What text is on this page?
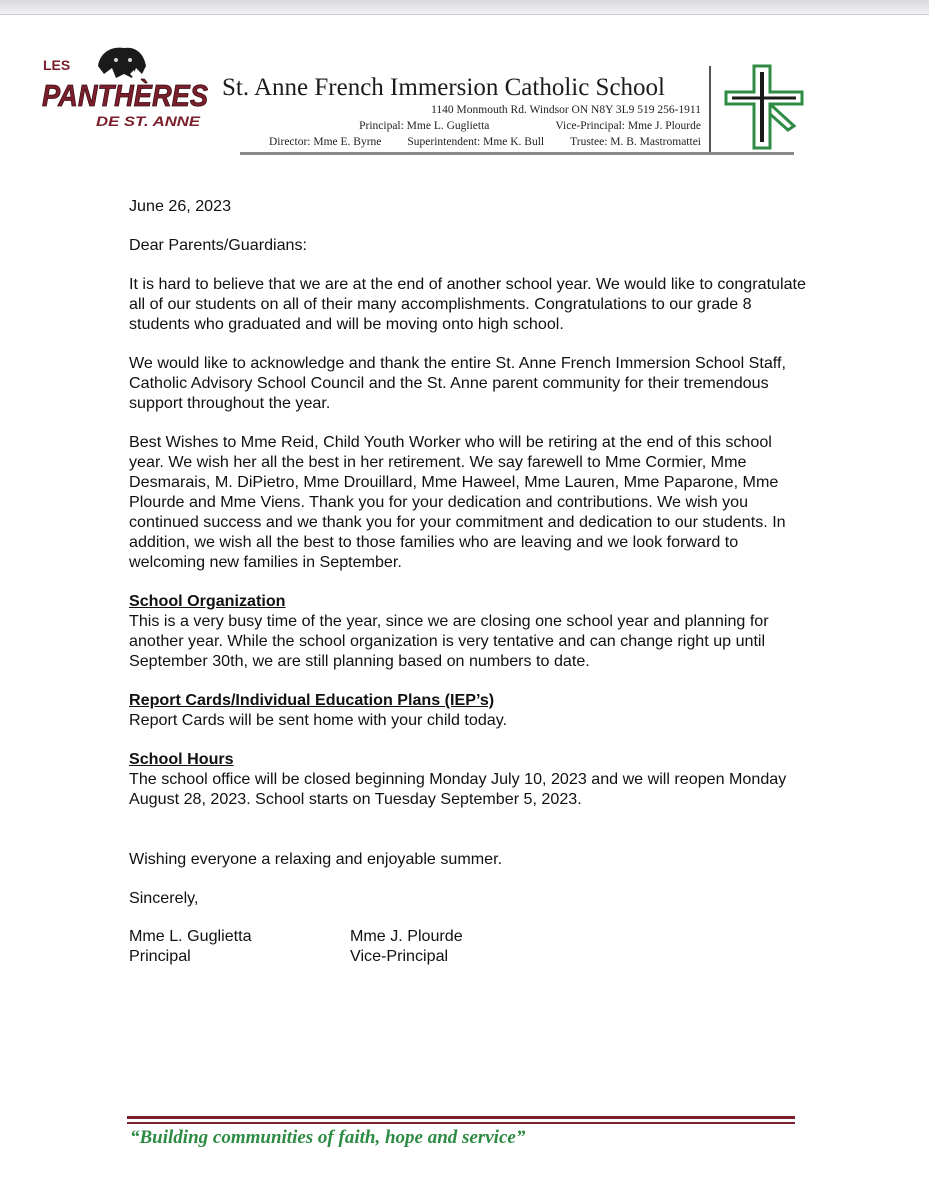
LES
PANTHÈRES
DE ST. ANNE
St. Anne French Immersion Catholic School
1140 Monmouth Rd. Windsor ON N8Y 3L9 519 256-1911
Principal: Mme L. Guglietta	Vice-Principal: Mme J. Plourde
Director: Mme E. Byrne Superintendent: Mme K. Bull Trustee: M. B. Mastromattei

June 26, 2023

Dear Parents/Guardians:

It is hard to believe that we are at the end of another school year. We would like to congratulate all of our students on all of their many accomplishments. Congratulations to our grade 8 students who graduated and will be moving onto high school.

We would like to acknowledge and thank the entire St. Anne French Immersion School Staff, Catholic Advisory School Council and the St. Anne parent community for their tremendous support throughout the year.

Best Wishes to Mme Reid, Child Youth Worker who will be retiring at the end of this school year. We wish her all the best in her retirement. We say farewell to Mme Cormier, Mme Desmarais, M. DiPietro, Mme Drouillard, Mme Haweel, Mme Lauren, Mme Paparone, Mme Plourde and Mme Viens. Thank you for your dedication and contributions. We wish you continued success and we thank you for your commitment and dedication to our students. In addition, we wish all the best to those families who are leaving and we look forward to welcoming new families in September.

School Organization

This is a very busy time of the year, since we are closing one school year and planning for another year. While the school organization is very tentative and can change right up until September 30th, we are still planning based on numbers to date.

Report Cards/Individual Education Plans (IEP’s)

Report Cards will be sent home with your child today.

School Hours

The school office will be closed beginning Monday July 10, 2023 and we will reopen Monday August 28, 2023. School starts on Tuesday September 5, 2023.

Wishing everyone a relaxing and enjoyable summer.

Sincerely,

Mme L. Guglietta

Principal

Mme J. Plourde

Vice-Principal

“Building communities of faith, hope and service”
